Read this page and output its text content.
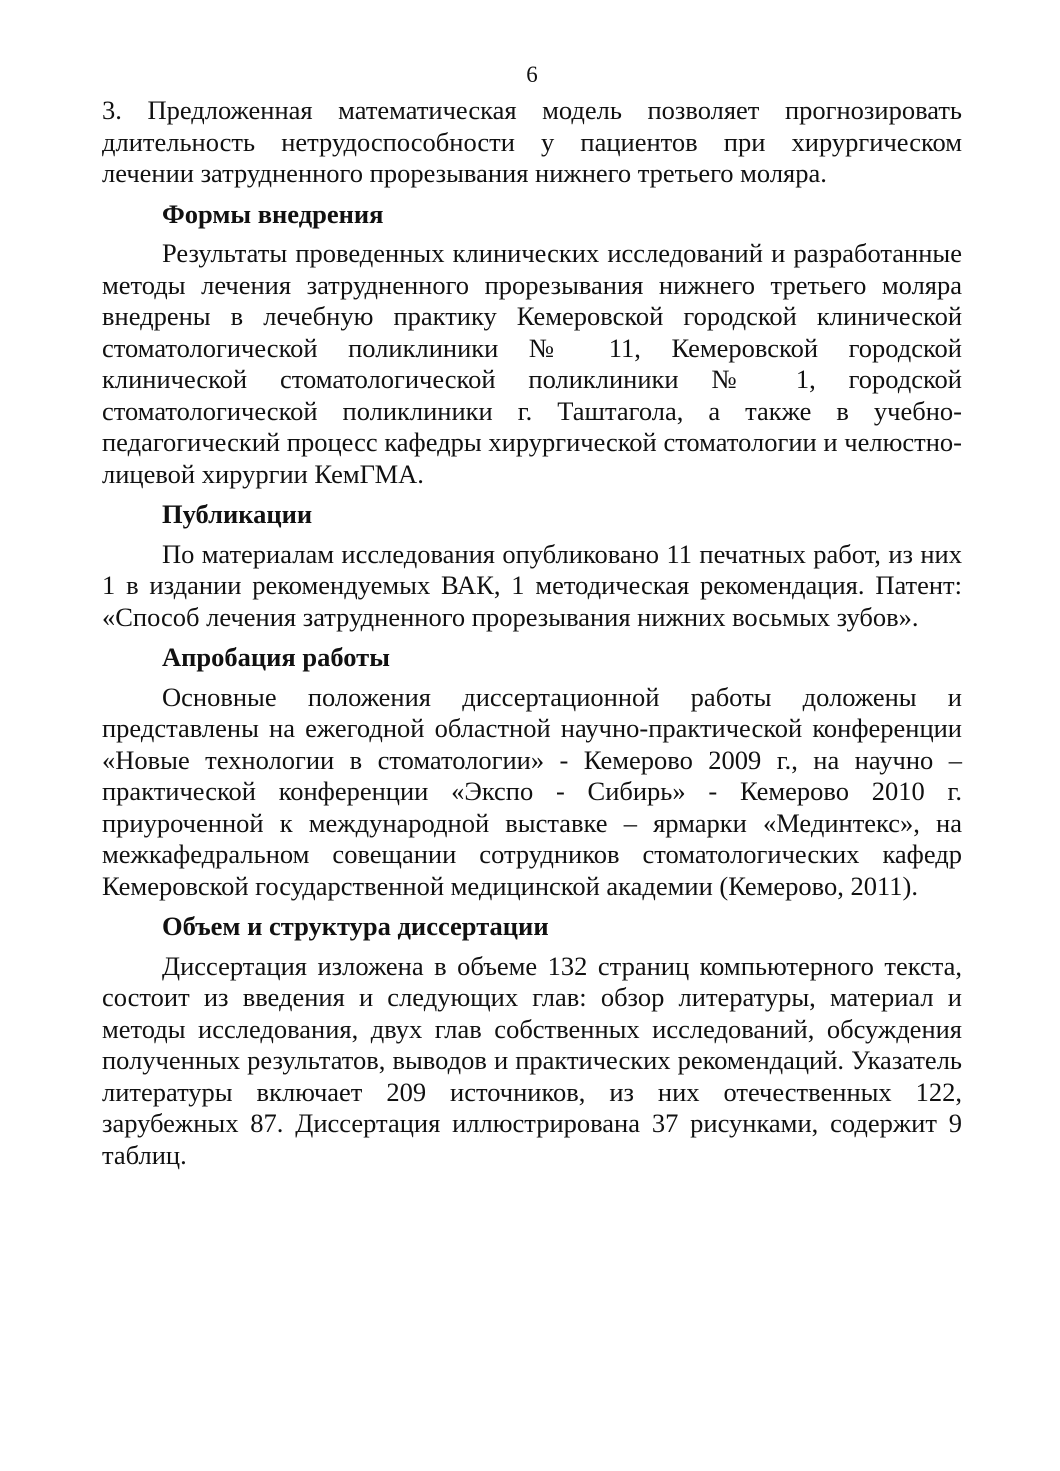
6

3. Предложенная математическая модель позволяет прогнозировать длительность нетрудоспособности у пациентов при хирургическом лечении затрудненного прорезывания нижнего третьего моляра.

Формы внедрения

Результаты проведенных клинических исследований и разработанные методы лечения затрудненного прорезывания нижнего третьего моляра внедрены в лечебную практику Кемеровской городской клинической стоматологической поликлиники № 11, Кемеровской городской клинической стоматологической поликлиники № 1, городской стоматологической поликлиники г. Таштагола, а также в учебно-педагогический процесс кафедры хирургической стоматологии и челюстно-лицевой хирургии КемГМА.

Публикации

По материалам исследования опубликовано 11 печатных работ, из них 1 в издании рекомендуемых ВАК, 1 методическая рекомендация. Патент: «Способ лечения затрудненного прорезывания нижних восьмых зубов».

Апробация работы

Основные положения диссертационной работы доложены и представлены на ежегодной областной научно-практической конференции «Новые технологии в стоматологии» - Кемерово 2009 г., на научно – практической конференции «Экспо - Сибирь» - Кемерово 2010 г. приуроченной к международной выставке – ярмарки «Мединтекс», на межкафедральном совещании сотрудников стоматологических кафедр Кемеровской государственной медицинской академии (Кемерово, 2011).

Объем и структура диссертации

Диссертация изложена в объеме 132 страниц компьютерного текста, состоит из введения и следующих глав: обзор литературы, материал и методы исследования, двух глав собственных исследований, обсуждения полученных результатов, выводов и практических рекомендаций. Указатель литературы включает 209 источников, из них отечественных 122, зарубежных 87. Диссертация иллюстрирована 37 рисунками, содержит 9 таблиц.
